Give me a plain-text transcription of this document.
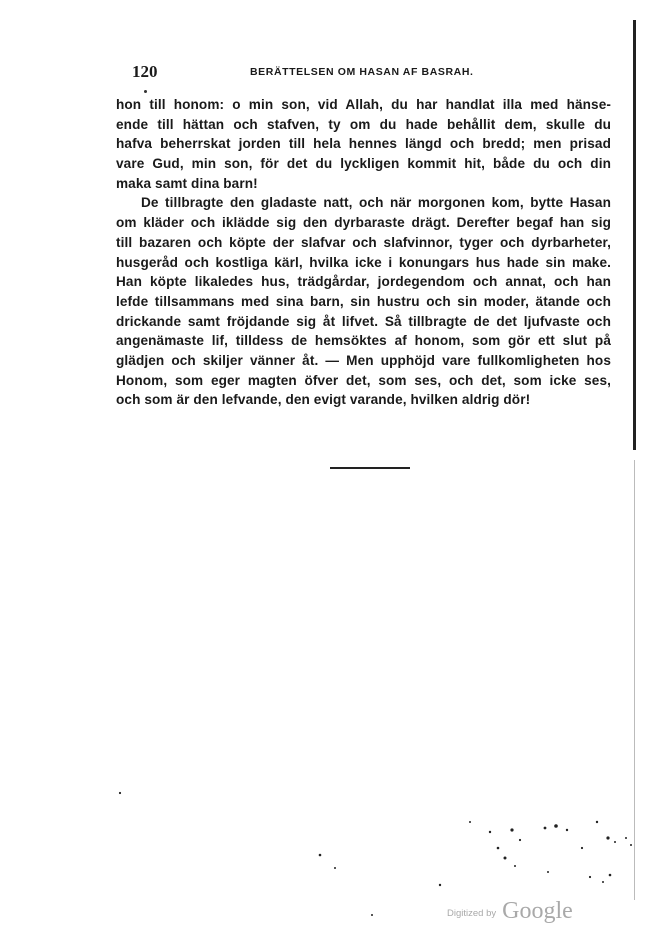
120	BERÄTTELSEN OM HASAN AF BASRAH.
hon till honom: o min son, vid Allah, du har handlat illa med hänse-
ende till hättan och stafven, ty om du hade behållit dem, skulle du
hafva beherrskat jorden till hela hennes längd och bredd; men prisad
vare Gud, min son, för det du lyckligen kommit hit, både du och din
maka samt dina barn!
De tillbragte den gladaste natt, och när morgonen kom, bytte Hasan
om kläder och iklädde sig den dyrbaraste drägt. Derefter begaf han sig
till bazaren och köpte der slafvar och slafvinnor, tyger och dyrbarheter,
husgeråd och kostliga kärl, hvilka icke i konungars hus hade sin make.
Han köpte likaledes hus, trädgårdar, jordegendom och annat, och han
lefde tillsammans med sina barn, sin hustru och sin moder, ätande och
drickande samt fröjdande sig åt lifvet. Så tillbragte de det ljufvaste och
angenämaste lif, tilldess de hemsöktes af honom, som gör ett slut på
glädjen och skiljer vänner åt. — Men upphöjd vare fullkomligheten hos
Honom, som eger magten öfver det, som ses, och det, som icke ses,
och som är den lefvande, den evigt varande, hvilken aldrig dör!
Digitized by Google
